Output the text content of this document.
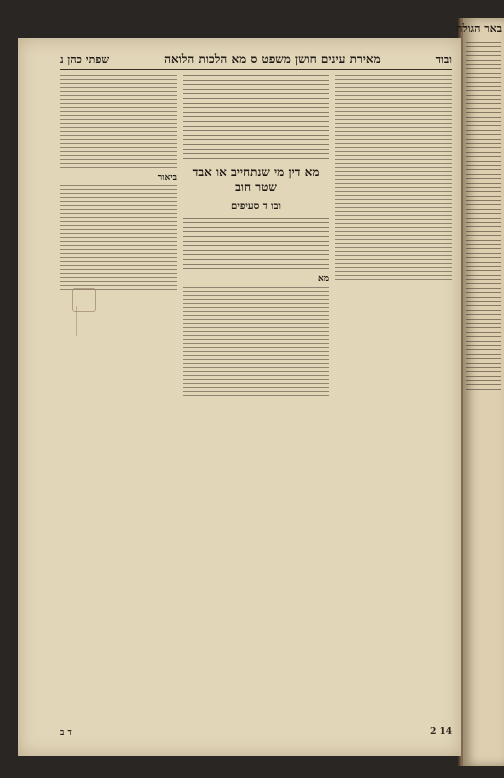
ובוד
מאירת עינים חושן משפט ס מא הלכות הלואה
שפתי כהן נ
מא דין מי שנתחייב או אבד שטר חוב
ובו ד סעיפים
מא
ביאור
14 2
ד ב
באר הגולה
